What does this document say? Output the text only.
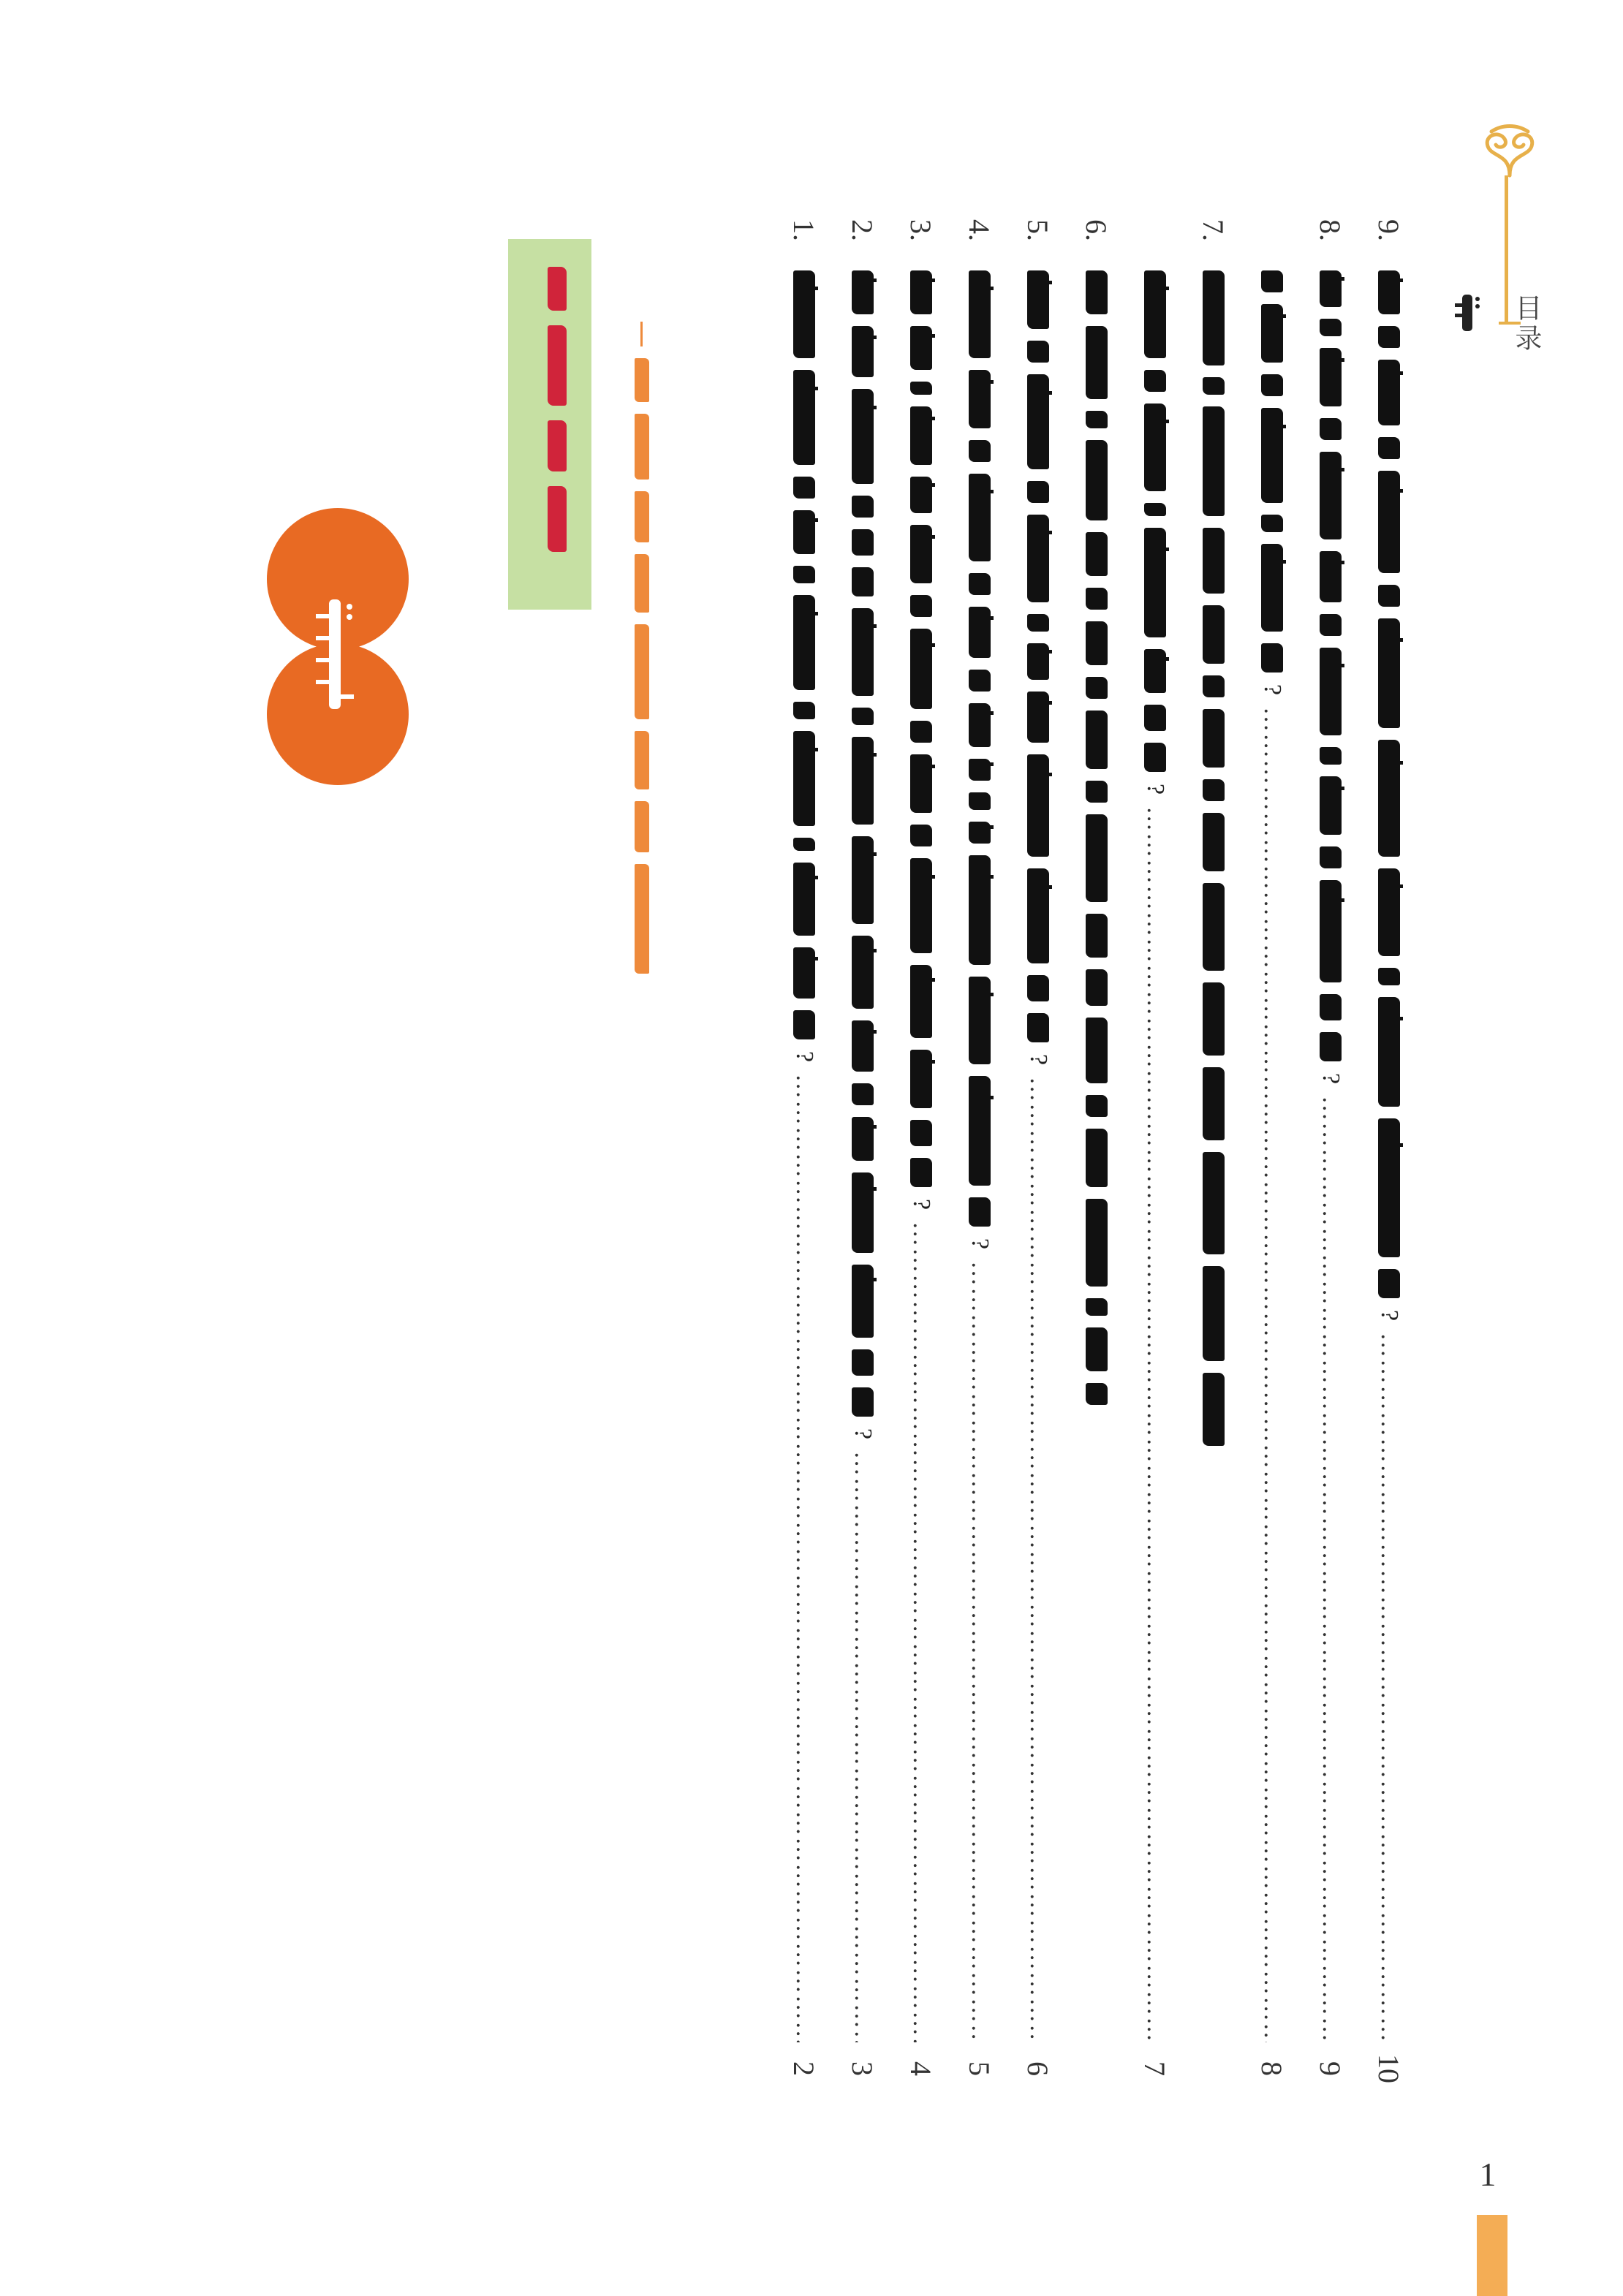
目录
9.
?
……………………………………………………………………………………………………………………………………………………………………………………………
10
8.
?
……………………………………………………………………………………………………………………………………………………………………………………………
9
?
……………………………………………………………………………………………………………………………………………………………………………………………
8
7.
?
……………………………………………………………………………………………………………………………………………………………………………………………
7
6.
5.
?
……………………………………………………………………………………………………………………………………………………………………………………………
6
4.
?
……………………………………………………………………………………………………………………………………………………………………………………………
5
3.
?
……………………………………………………………………………………………………………………………………………………………………………………………
4
2.
?
……………………………………………………………………………………………………………………………………………………………………………………………
3
1.
?
……………………………………………………………………………………………………………………………………………………………………………………………
2
1
